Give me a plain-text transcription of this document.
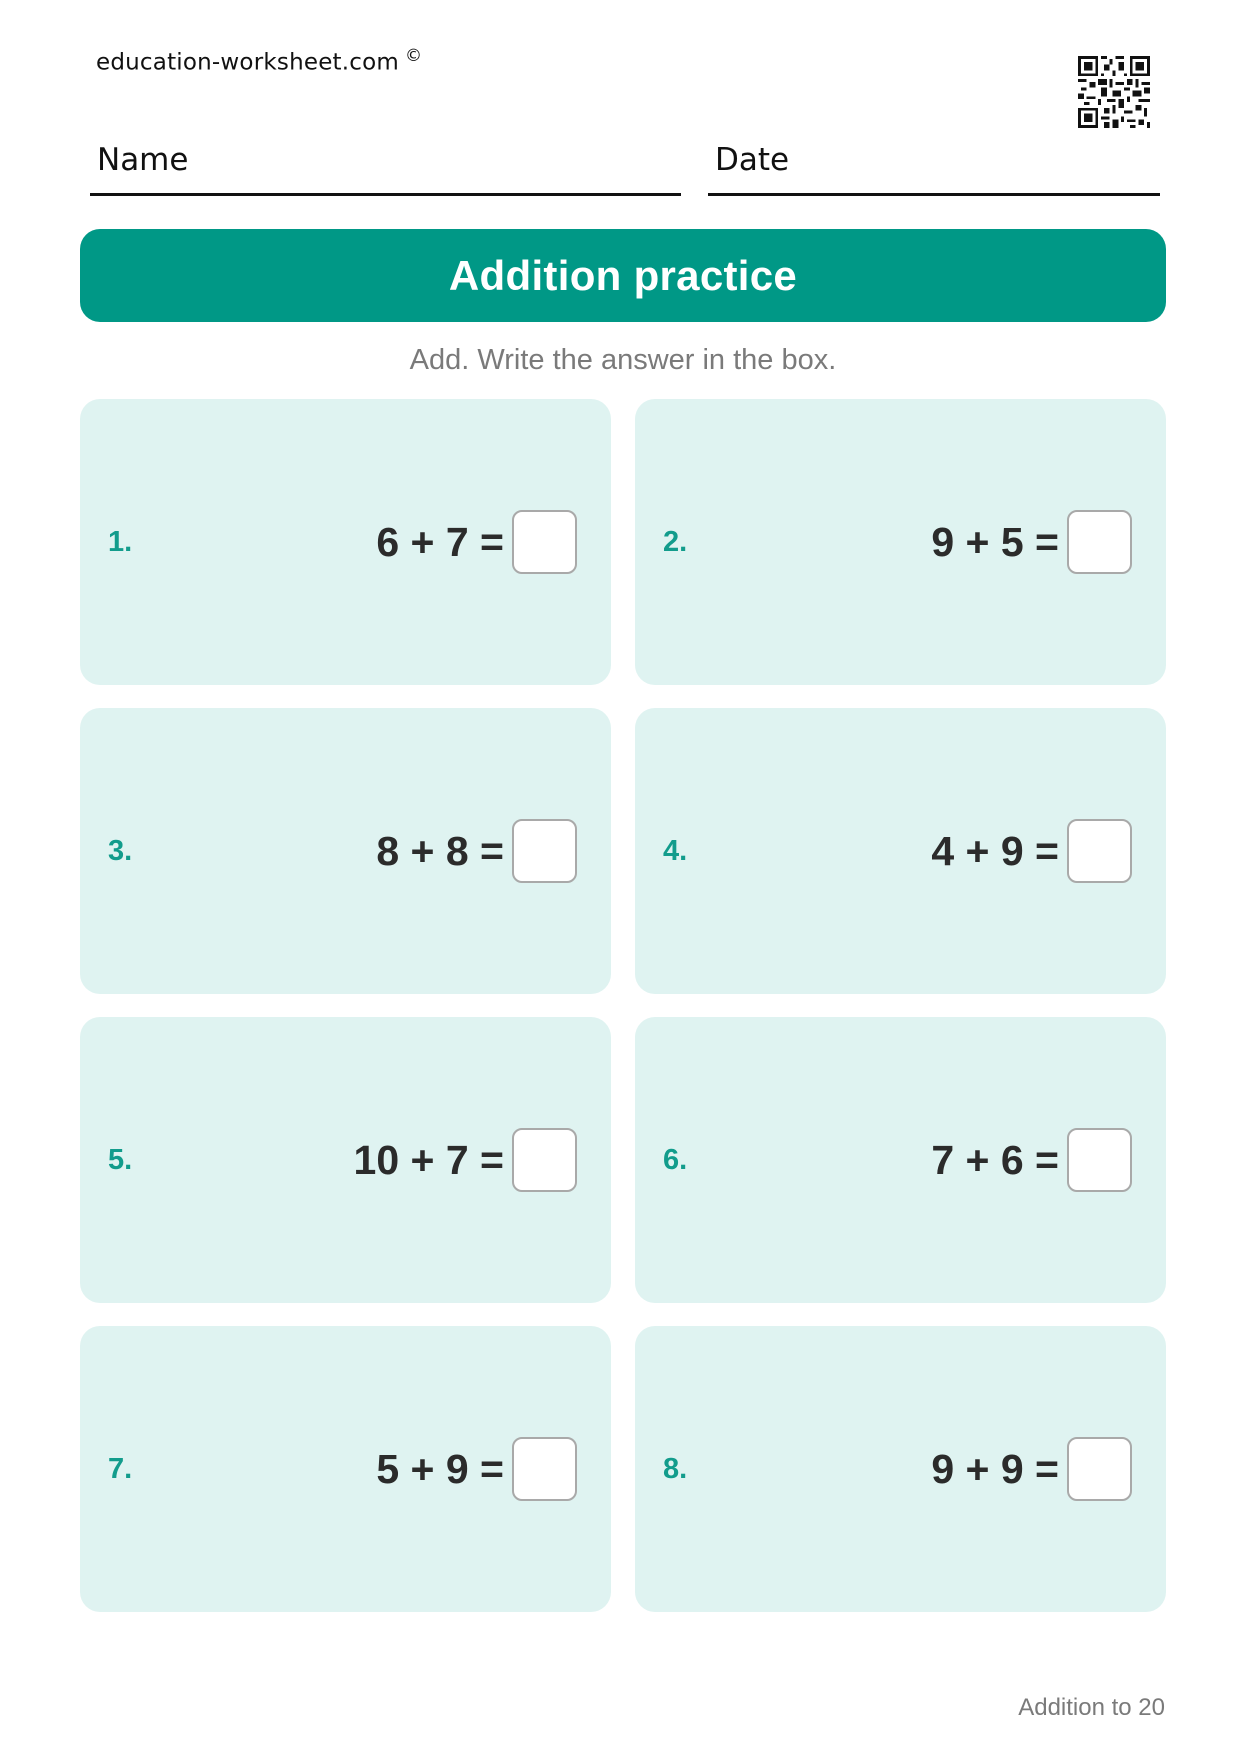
education-worksheet.com ©
Name	Date
Addition practice
Add. Write the answer in the box.
1.	6 + 7 =	2.	9 + 5 =
3.	8 + 8 =	4.	4 + 9 =
5.	10 + 7 =	6.	7 + 6 =
7.	5 + 9 =	8.	9 + 9 =
Addition to 20
